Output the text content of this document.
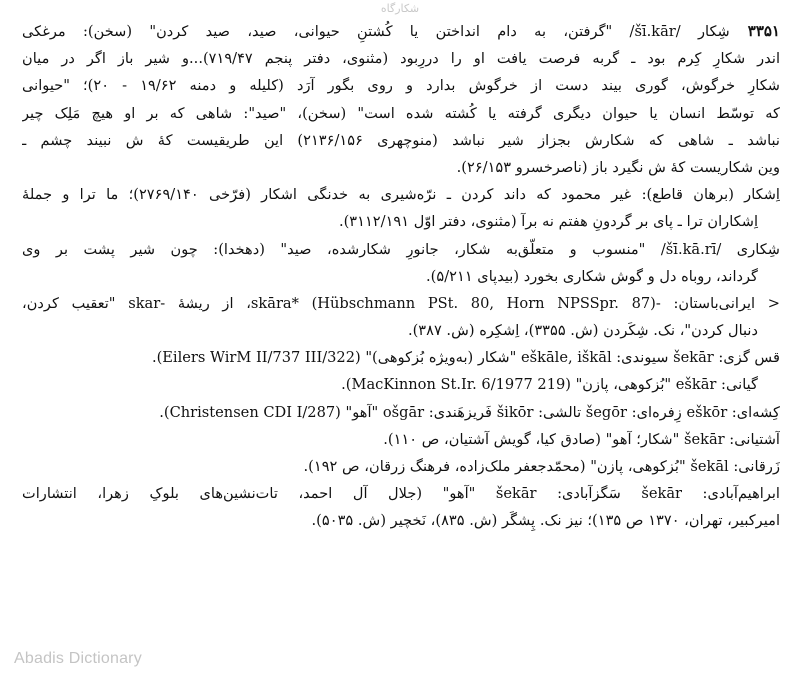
شکارگاه
۳۳۵۱شِکار /šī.kār/ "گرفتن، به دام انداختن یا کُشتنِ حیوانی، صید، صید کردن" (سخن): مرغکی
اندر شکارِ کِرم بود ـ گربه فرصت یافت او را دررِبود (مثنوی، دفتر پنجم ۷۱۹/۴۷)...و شیر باز اگر در میان
شکارِ خرگوش، گوری بیند دست از خرگوش بدارد و روی بگور آرَد (کلیله و دمنه ۱۹/۶۲ - ۲۰)؛ "حیوانی
که توسّط انسان یا حیوان دیگری گرفته یا کُشته شده است" (سخن)، "صید": شاهی که بر او هیچ مَلِک چیر
نباشد ـ شاهی که شکارش بجزاز شیر نباشد (منوچهری ۲۱۳۶/۱۵۶) این طریقیست کهٔ ش نبیند چشم ـ
وین شکاریست کهٔ ش نگیرد باز (ناصرخسرو ۲۶/۱۵۳).
اِشکار (برهان قاطع): غیر محمود که داند کردن ـ نرّه‌شیری به خدنگی اشکار (فرّخی ۲۷۶۹/۱۴۰)؛ ما ترا و جملهٔ
اِشکاران ترا ـ پای بر گردونِ هفتم نه برآ (مثنوی، دفتر اوّل ۳۱۱۲/۱۹۱).
شِکاری /šī.kā.rī/ "منسوب و متعلّق‌به شکار، جانورِ شکارشده، صید" (دهخدا): چون شیر پشت بر وی
گرداند، روباه دل و گوش شکاری بخورد (بیدپای ۵/۲۱۱).
< ایرانی‌باستان: -skāra* (Hübschmann PSt. 80, Horn NPSSpr. 87)، از ریشهٔ -skar "تعقیب کردن،
دنبال کردن"، نک. شِکَردن (ش. ۳۳۵۵)، اِشکِره (ش. ۳۸۷).
قس گزی: šekār سیوندی: eškāle, iškāl "شکار (به‌ویژه بُزکوهی)" (Eilers WirM II/737 III/322).
گیانی: eškār "بُزکوهی، پازن" (MacKinnon St.Ir. 6/1977 219).
کِشه‌ای: eškōr زِفره‌ای: šegōr تالشی: šikōr فَریزهَندی: ošgār "آهو" (Christensen CDI I/287).
آشتیانی: šekār "شکار؛ آهو" (صادق کیا، گویش آشتیان، ص ۱۱۰).
زَرقانی: šekāl "بُزکوهی، پازن" (محمّدجعفر ملک‌زاده، فرهنگ زرقان، ص ۱۹۲).
ابراهیم‌آبادی: šekār سَگزآبادی: šekār "آهو" (جلال آل احمد، تات‌نشین‌های بلوکِ زهرا، انتشارات
امیرکبیر، تهران، ۱۳۷۰ ص ۱۳۵)؛ نیز نک. پِشگَر (ش. ۸۳۵)، نَخچیر (ش. ۵۰۳۵).
Abadis Dictionary
